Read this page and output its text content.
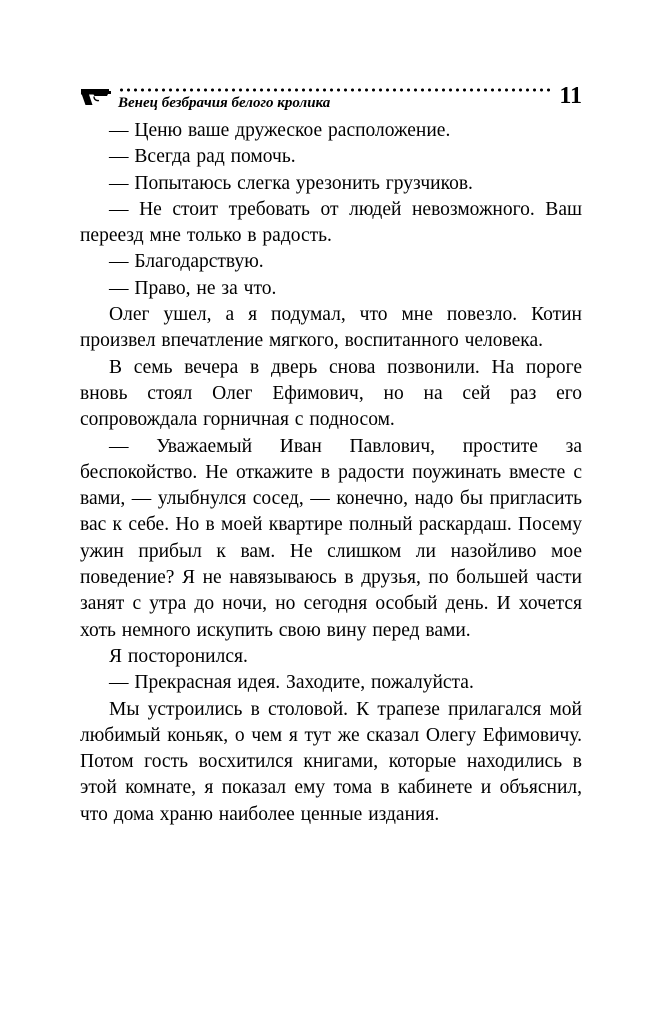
Венец безбрачия белого кролика	11

— Ценю ваше дружеское расположение.

— Всегда рад помочь.

— Попытаюсь слегка урезонить грузчиков.

— Не стоит требовать от людей невозможного. Ваш переезд мне только в радость.

— Благодарствую.

— Право, не за что.

Олег ушел, а я подумал, что мне повезло. Котин произвел впечатление мягкого, воспитанного человека.

В семь вечера в дверь снова позвонили. На пороге вновь стоял Олег Ефимович, но на сей раз его сопровождала горничная с подносом.

— Уважаемый Иван Павлович, простите за беспокойство. Не откажите в радости поужинать вместе с вами, — улыбнулся сосед, — конечно, надо бы пригласить вас к себе. Но в моей квартире полный раскардаш. Посему ужин прибыл к вам. Не слишком ли назойливо мое поведение? Я не навязываюсь в друзья, по большей части занят с утра до ночи, но сегодня особый день. И хочется хоть немного искупить свою вину перед вами.

Я посторонился.

— Прекрасная идея. Заходите, пожалуйста.

Мы устроились в столовой. К трапезе прилагался мой любимый коньяк, о чем я тут же сказал Олегу Ефимовичу. Потом гость восхитился книгами, которые находились в этой комнате, я показал ему тома в кабинете и объяснил, что дома храню наиболее ценные издания.
